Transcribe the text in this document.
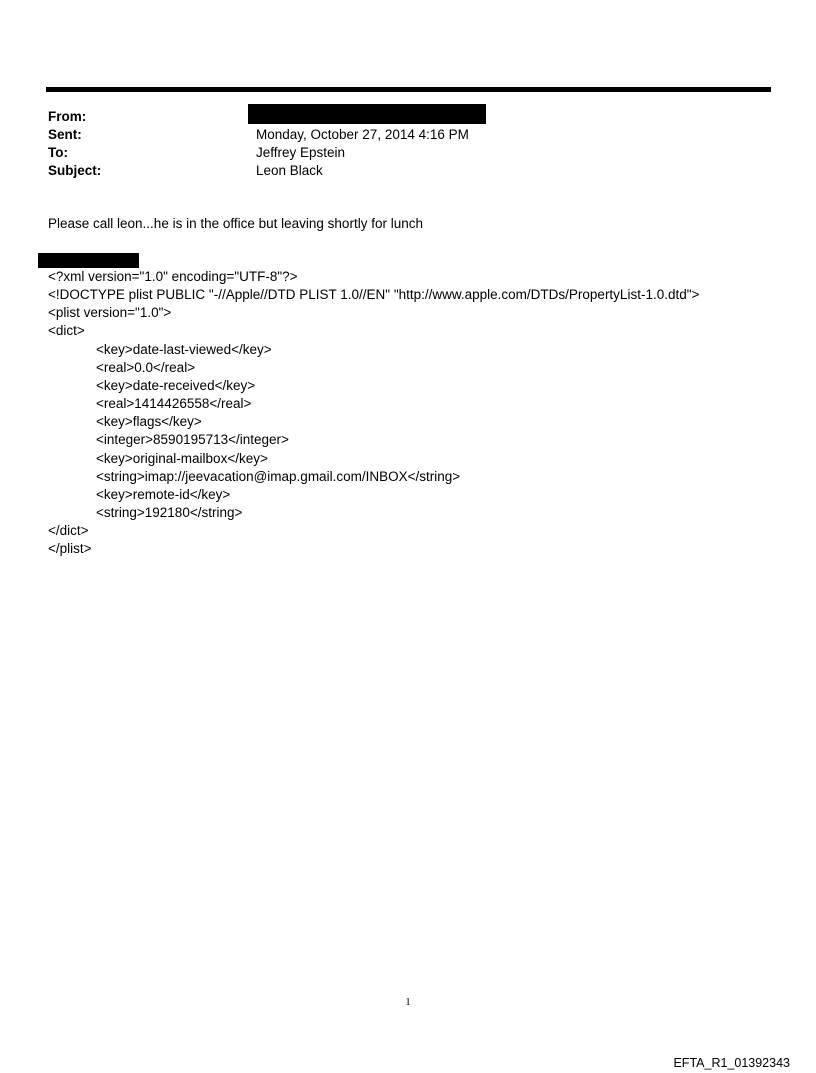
From:
Sent:	Monday, October 27, 2014 4:16 PM
To:	Jeffrey Epstein
Subject:	Leon Black
Please call leon...he is in the office but leaving shortly for lunch
<?xml version="1.0" encoding="UTF-8"?>
<!DOCTYPE plist PUBLIC "-//Apple//DTD PLIST 1.0//EN" "http://www.apple.com/DTDs/PropertyList-1.0.dtd">
<plist version="1.0">
<dict>
<key>date-last-viewed</key>
<real>0.0</real>
<key>date-received</key>
<real>1414426558</real>
<key>flags</key>
<integer>8590195713</integer>
<key>original-mailbox</key>
<string>imap://jeevacation@imap.gmail.com/INBOX</string>
<key>remote-id</key>
<string>192180</string>
</dict>
</plist>
1
EFTA_R1_01392343
